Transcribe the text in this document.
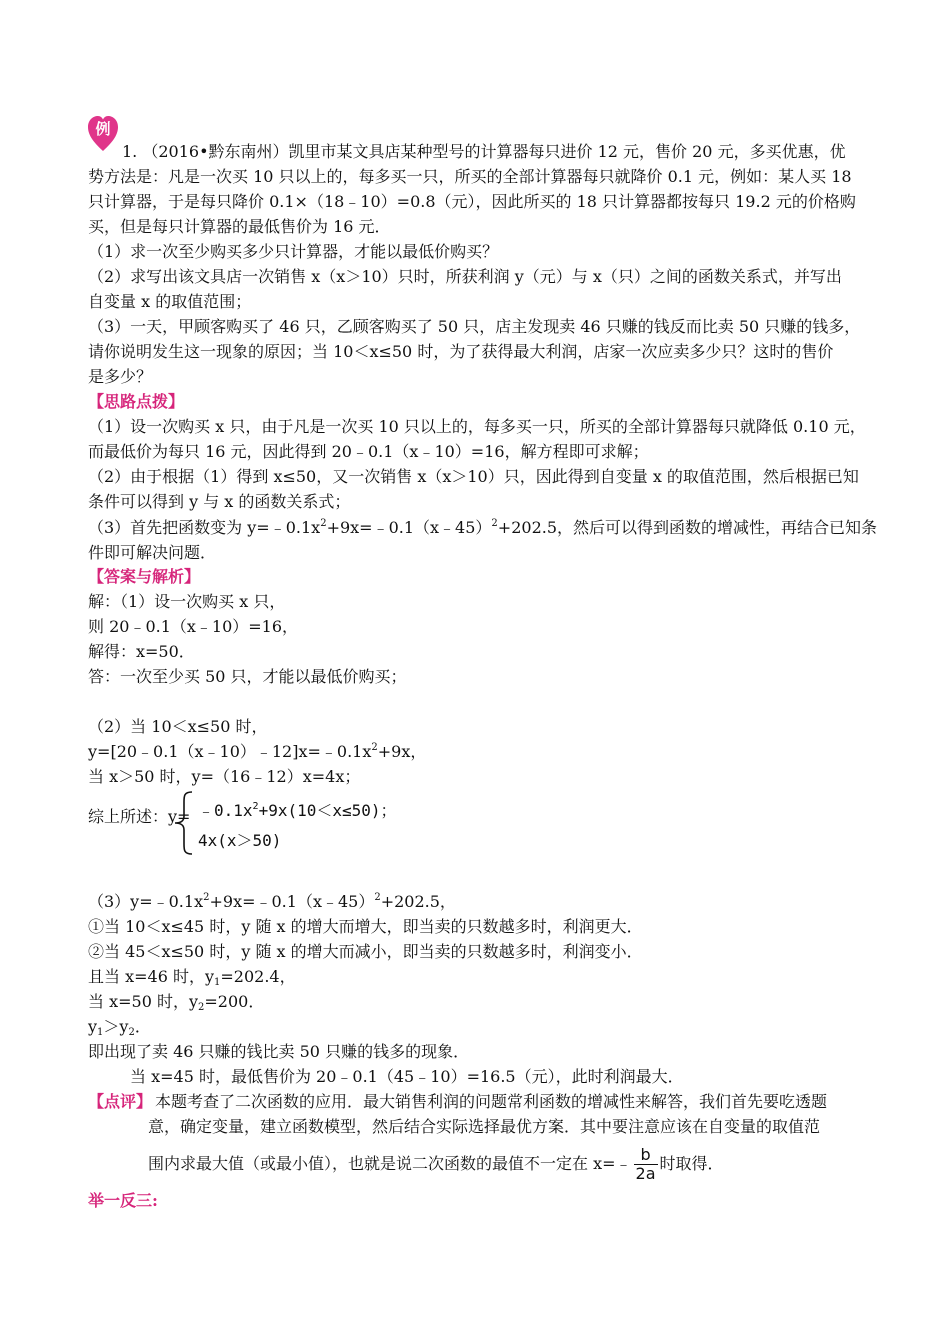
例
1. （2016•黔东南州）凯里市某文具店某种型号的计算器每只进价 12 元，售价 20 元，多买优惠，优
势方法是：凡是一次买 10 只以上的，每多买一只，所买的全部计算器每只就降价 0.1 元，例如：某人买 18
只计算器，于是每只降价 0.1×（18﹣10）=0.8（元），因此所买的 18 只计算器都按每只 19.2 元的价格购
买，但是每只计算器的最低售价为 16 元．
（1）求一次至少购买多少只计算器，才能以最低价购买？
（2）求写出该文具店一次销售 x（x＞10）只时，所获利润 y（元）与 x（只）之间的函数关系式，并写出
自变量 x 的取值范围；
（3）一天，甲顾客购买了 46 只，乙顾客购买了 50 只，店主发现卖 46 只赚的钱反而比卖 50 只赚的钱多，
请你说明发生这一现象的原因；当 10＜x≤50 时，为了获得最大利润，店家一次应卖多少只？这时的售价
是多少？
【思路点拨】
（1）设一次购买 x 只，由于凡是一次买 10 只以上的，每多买一只，所买的全部计算器每只就降低 0.10 元，
而最低价为每只 16 元，因此得到 20﹣0.1（x﹣10）=16，解方程即可求解；
（2）由于根据（1）得到 x≤50，又一次销售 x（x＞10）只，因此得到自变量 x 的取值范围，然后根据已知
条件可以得到 y 与 x 的函数关系式；
（3）首先把函数变为 $y=﹣0.1x^2+9x=﹣0.1(x﹣45)^2+202.5$，然后可以得到函数的增减性，再结合已知条
件即可解决问题．
【答案与解析】
解：（1）设一次购买 x 只，
则 20﹣0.1（x﹣10）=16，
解得：x=50．
答：一次至少买 50 只，才能以最低价购买；
（2）当 10＜x≤50 时，
$y=[20﹣0.1(x﹣10)﹣12]x=﹣0.1x^2+9x$，
当 x＞50 时，y=（16﹣12）x=4x；
综上所述：$y= ﹣0.1x^2+9x(10<x\le 50)$；
4x(x＞50)
$(3)y=﹣0.1x^2+9x=﹣0.1(x﹣45)^2+202.5$，
①当 10＜x≤45 时，y 随 x 的增大而增大，即当卖的只数越多时，利润更大．
②当 45＜x≤50 时，y 随 x 的增大而减小，即当卖的只数越多时，利润变小．
且当 x=46 时，$y_1=202.4$，
当 x=50 时，$y_2=200$．
$y_1>y_2$．
即出现了卖 46 只赚的钱比卖 50 只赚的钱多的现象．
当 x=45 时，最低售价为 20﹣0.1（45﹣10）=16.5（元），此时利润最大．
【点评】 本题考查了二次函数的应用．最大销售利润的问题常利函数的增减性来解答，我们首先要吃透题
意，确定变量，建立函数模型，然后结合实际选择最优方案．其中要注意应该在自变量的取值范
围内求最大值（或最小值），也就是说二次函数的最值不一定在 x=﹣ $\frac{b}{2a}$ 时取得．
举一反三:
